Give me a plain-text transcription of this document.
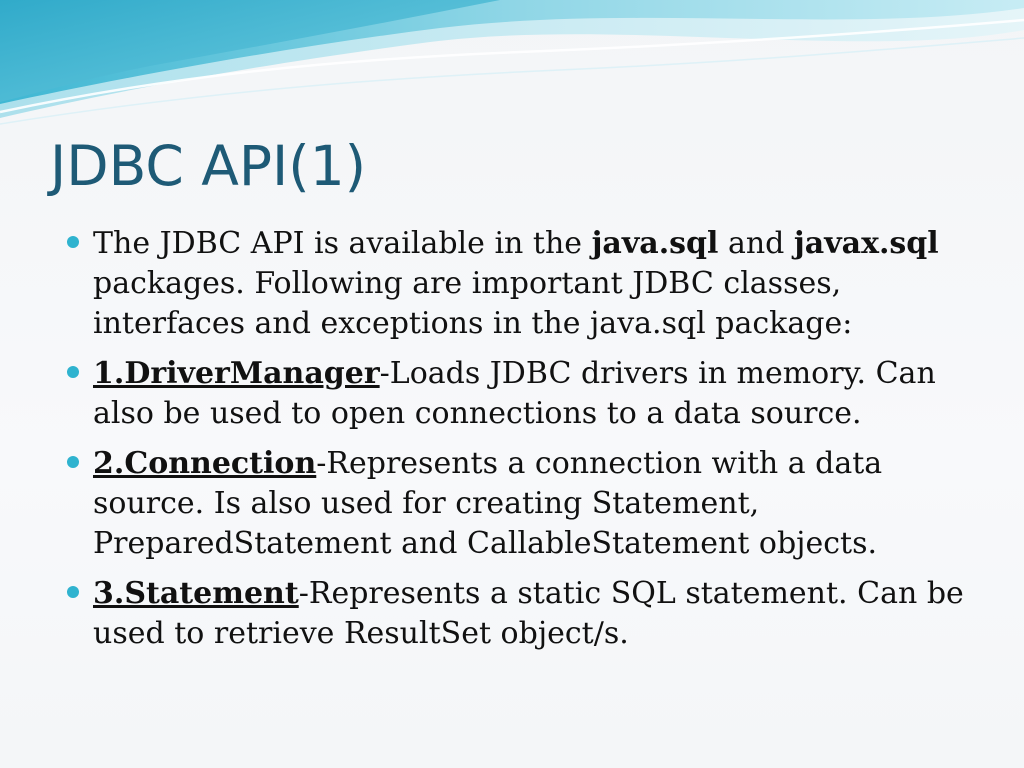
JDBC API(1)
The JDBC API is available in the java.sql and javax.sql packages. Following are important JDBC classes, interfaces and exceptions in the java.sql package:
1.DriverManager-Loads JDBC drivers in memory. Can also be used to open connections to a data source.
2.Connection-Represents a connection with a data source. Is also used for creating Statement, PreparedStatement and CallableStatement objects.
3.Statement-Represents a static SQL statement. Can be used to retrieve ResultSet object/s.
